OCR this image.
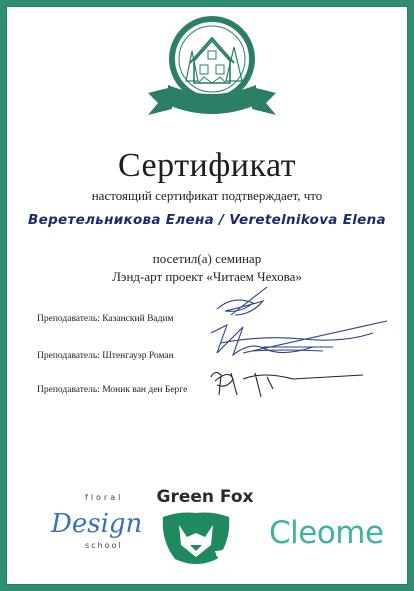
Сертификат
настоящий сертификат подтверждает, что
Веретельникова Елена / Veretelnikova Elena
посетил(а) семинар
Лэнд-арт проект «Читаем Чехова»
Преподаватель: Казанский Вадим
Преподаватель: Штенгауэр Роман
Преподаватель: Моник ван ден Берге
floral
Design
school
Green Fox
Cleome
